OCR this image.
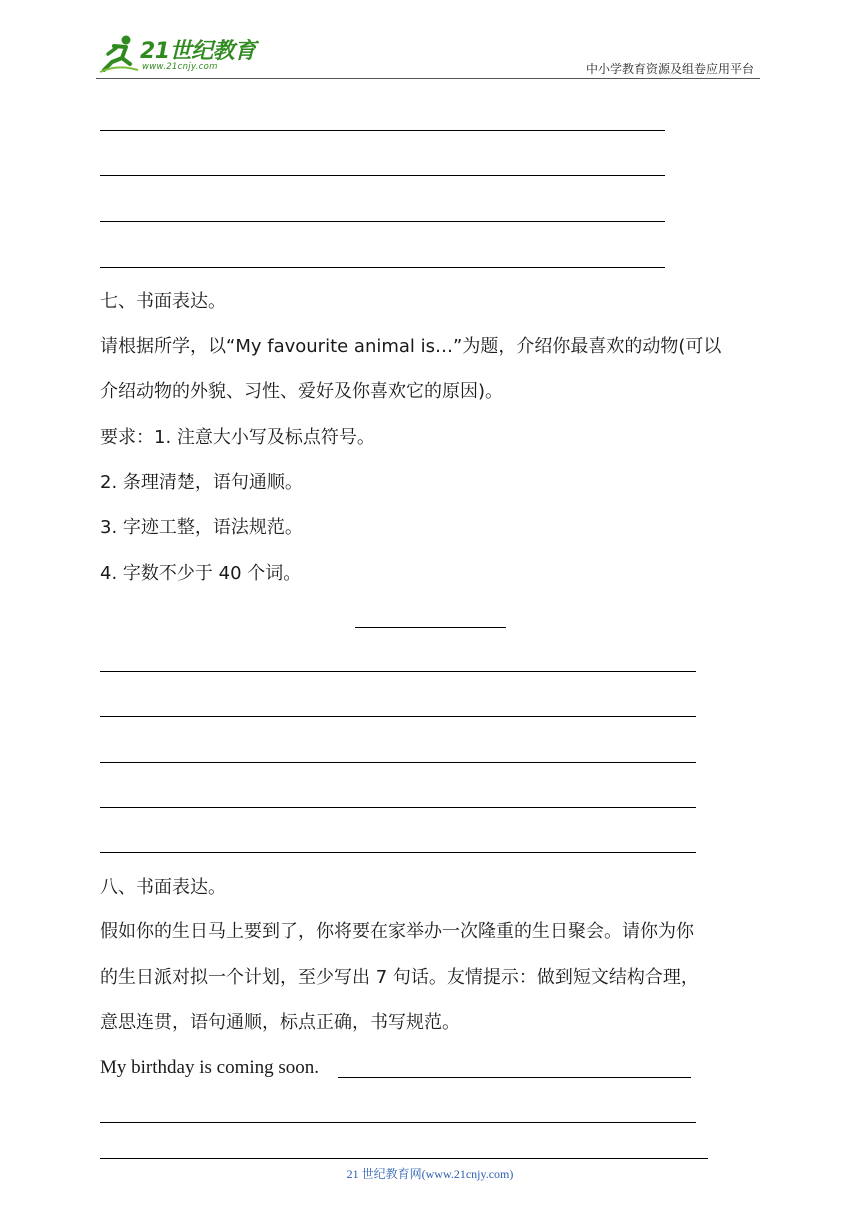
21世纪教育
www.21cnjy.com	中小学教育资源及组卷应用平台
七、书面表达。
请根据所学，以“My favourite animal is…”为题，介绍你最喜欢的动物(可以
介绍动物的外貌、习性、爱好及你喜欢它的原因)。
要求：1. 注意大小写及标点符号。
2. 条理清楚，语句通顺。
3. 字迹工整，语法规范。
4. 字数不少于 40 个词。
八、书面表达。
假如你的生日马上要到了，你将要在家举办一次隆重的生日聚会。请你为你
的生日派对拟一个计划，至少写出 7 句话。友情提示：做到短文结构合理，
意思连贯，语句通顺，标点正确，书写规范。
My birthday is coming soon.
21 世纪教育网(www.21cnjy.com)
